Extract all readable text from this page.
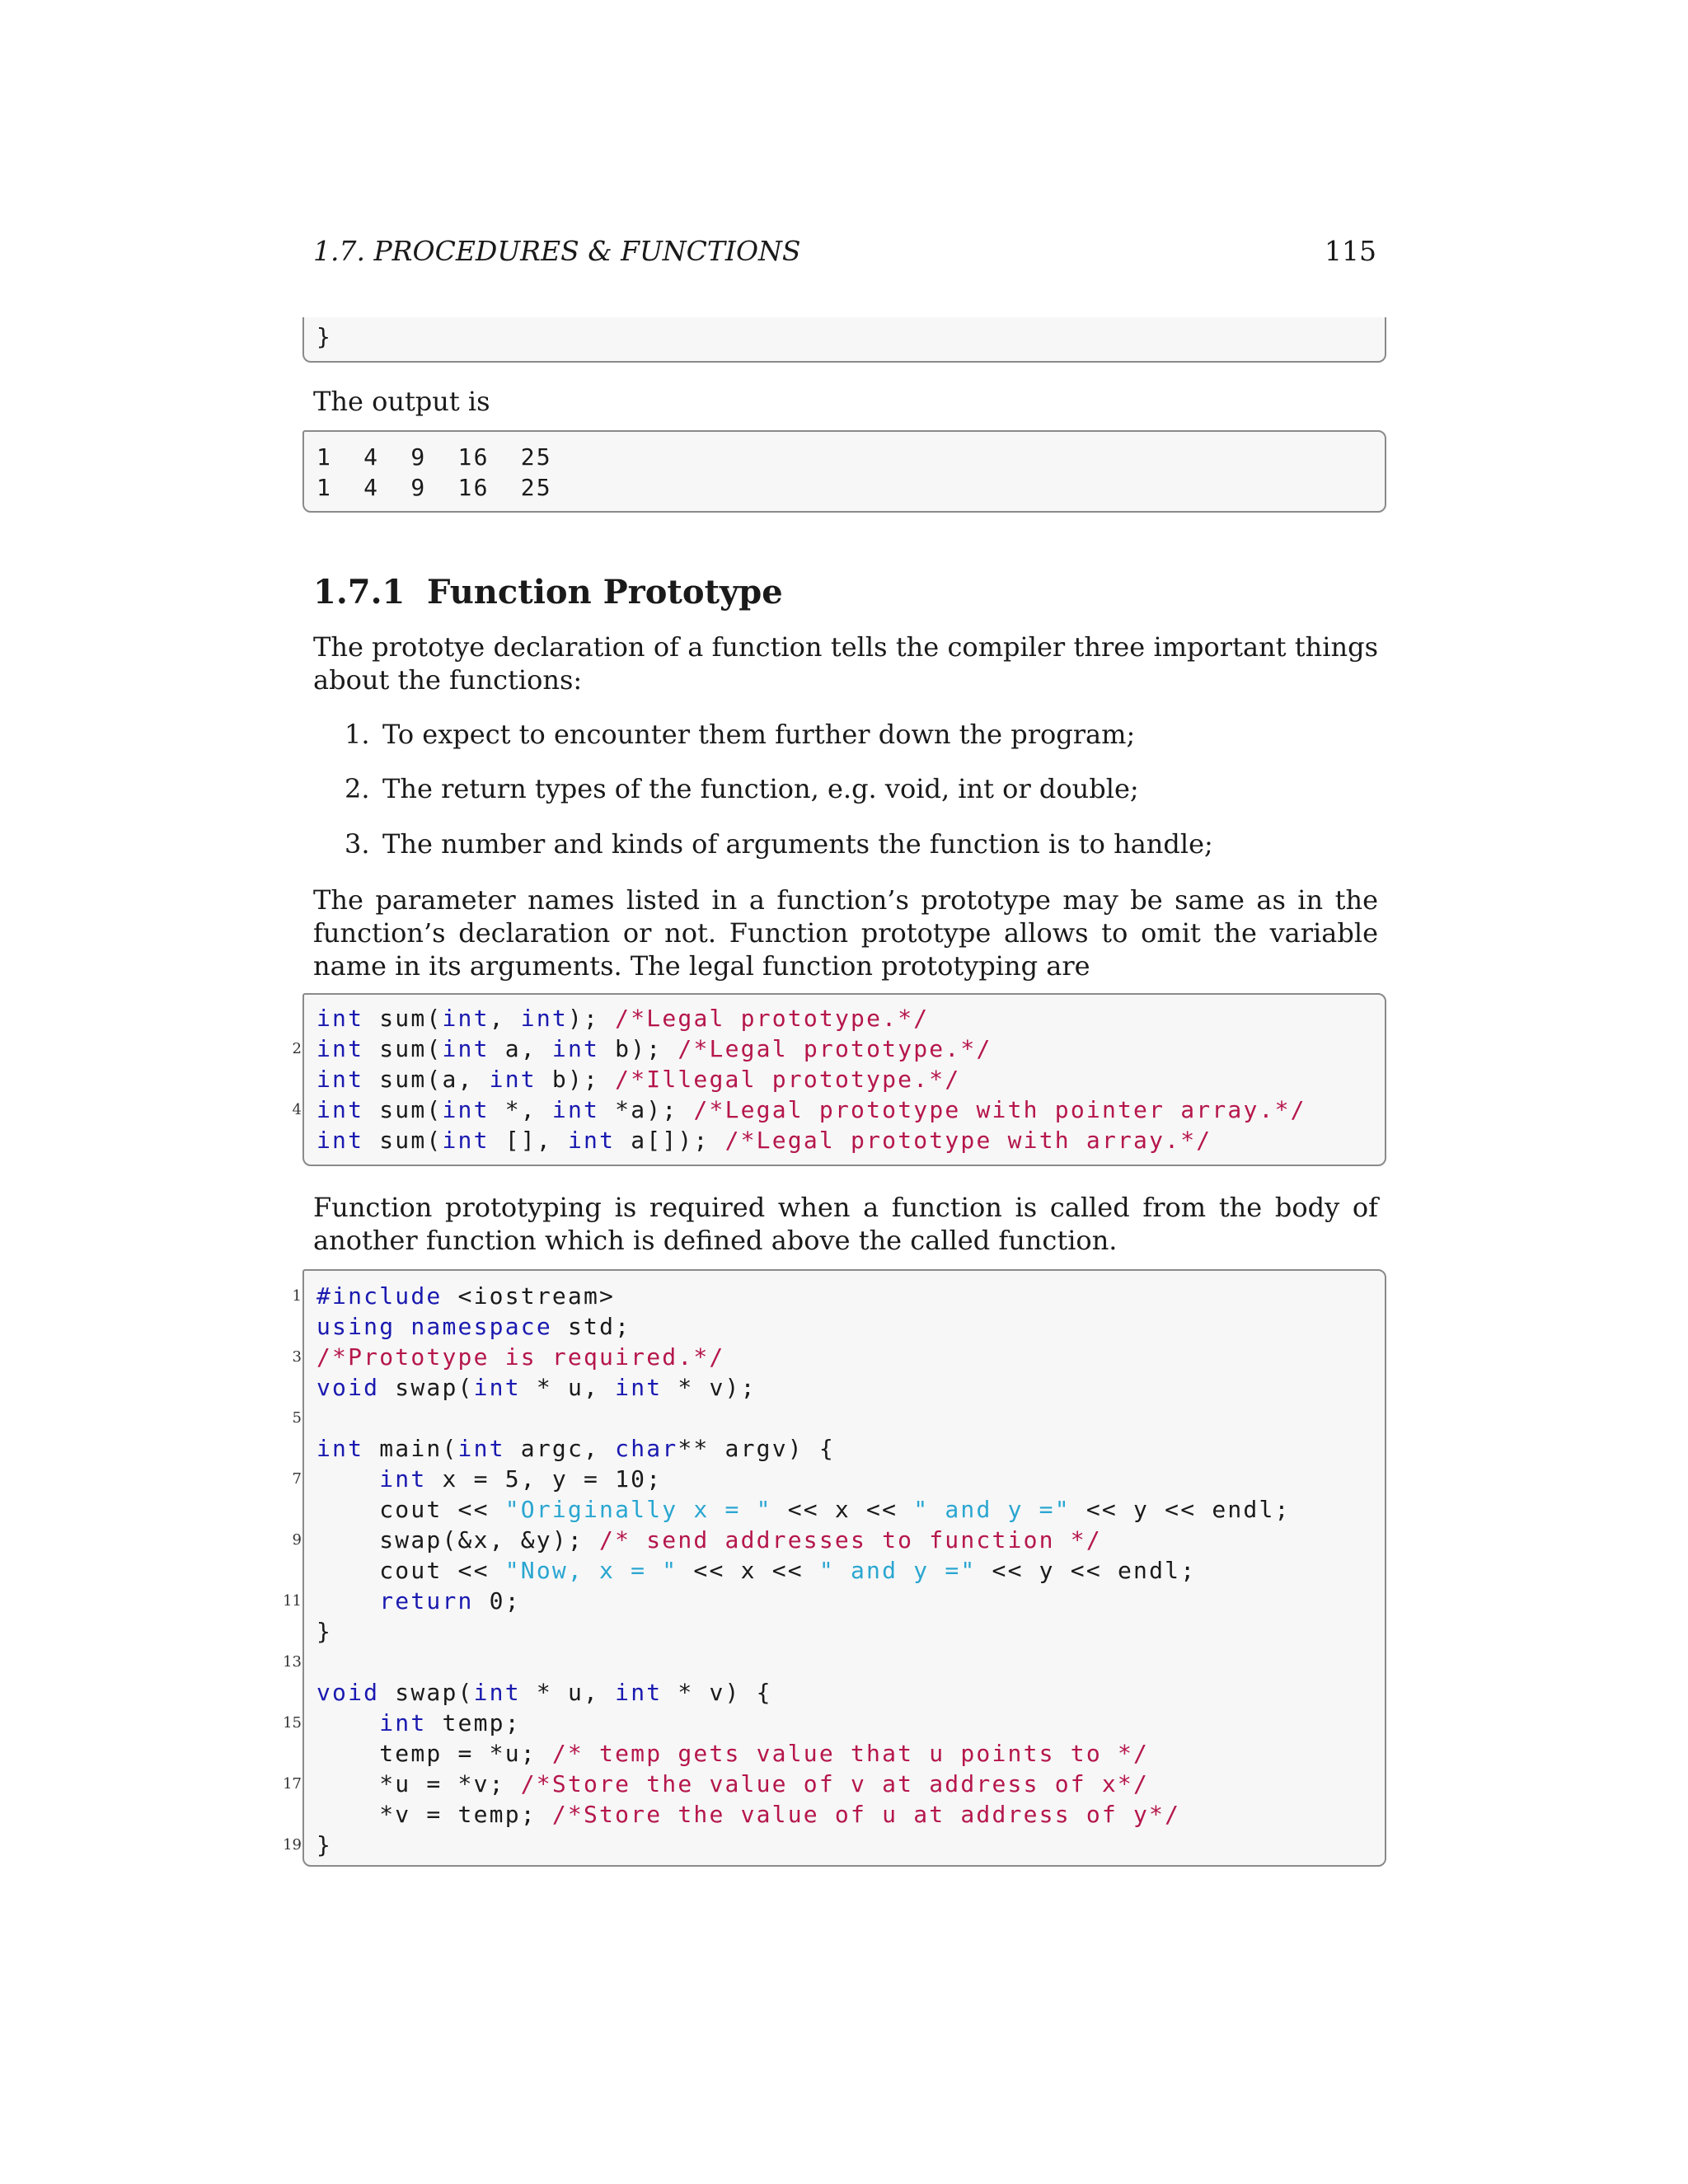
1.7. PROCEDURES & FUNCTIONS	115
}
The output is
1  4  9  16  25
1  4  9  16  25
1.7.1 Function Prototype
The prototye declaration of a function tells the compiler three important things about the functions:
1. To expect to encounter them further down the program;
2. The return types of the function, e.g. void, int or double;
3. The number and kinds of arguments the function is to handle;
The parameter names listed in a function’s prototype may be same as in the function’s declaration or not. Function prototype allows to omit the variable name in its arguments. The legal function prototyping are
int sum(int, int); /*Legal prototype.*/
2 int sum(int a, int b); /*Legal prototype.*/
int sum(a, int b); /*Illegal prototype.*/
4 int sum(int *, int *a); /*Legal prototype with pointer array.*/
int sum(int [], int a[]); /*Legal prototype with array.*/
Function prototyping is required when a function is called from the body of another function which is defined above the called function.
1 #include <iostream>
using namespace std;
3 /*Prototype is required.*/
void swap(int * u, int * v);
5
int main(int argc, char** argv) {
7	int x = 5, y = 10;
cout << "Originally x = " << x << " and y =" << y << endl;
9 swap(&x, &y); /* send addresses to function */
cout << "Now, x = " << x << " and y =" << y << endl;
11	return 0;
}
13
void swap(int * u, int * v) {
15	int temp;
temp = *u; /* temp gets value that u points to */
17 *u = *v; /*Store the value of v at address of x*/
*v = temp; /*Store the value of u at address of y*/
19 }
